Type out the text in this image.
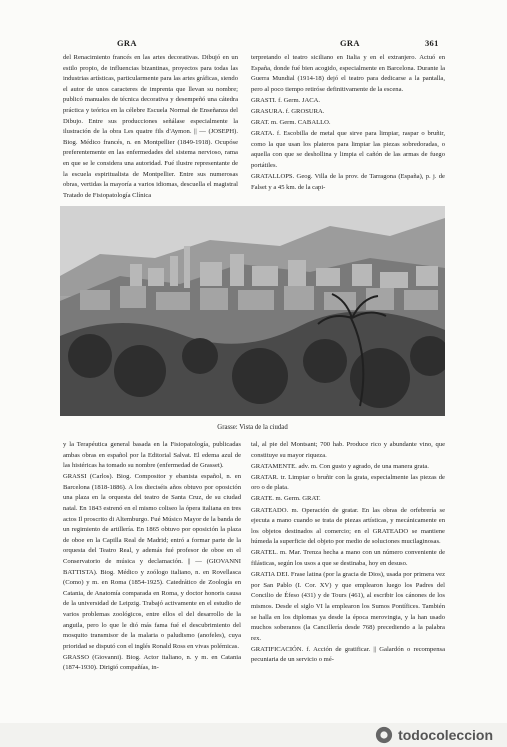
GRA	GRA	361

del Renacimiento francés en las artes decorativas. Dibujó en un estilo propio, de influencias bizantinas, proyectos para todas las industrias artísticas, particularmente para las artes gráficas, siendo el autor de unos caracteres de imprenta que llevan su nombre; publicó manuales de técnica decorativa y desempeñó una cátedra práctica y teórica en la célebre Escuela Normal de Enseñanza del Dibujo. Entre sus producciones señálase especialmente la ilustración de la obra Les quatre fils d'Aymon. || — (JOSEPH). Biog. Médico francés, n. en Montpellier (1849-1918). Ocupóse preferentemente en las enfermedades del sistema nervioso, rama en que se le considera una autoridad. Fué ilustre representante de la escuela espiritualista de Montpellier. Entre sus numerosas obras, vertidas la mayoría a varios idiomas, descuella el magistral Tratado de Fisiopatología Clínica

terpretando el teatro siciliano en Italia y en el extranjero. Actuó en España, donde fué bien acogido, especialmente en Barcelona. Durante la Guerra Mundial (1914-18) dejó el teatro para dedicarse a la pantalla, pero al poco tiempo retiróse definitivamente de la escena.

GRASTI. f. Germ. JACA.

GRASURA. f. GROSURA.

GRAT. m. Germ. CABALLO.

GRATA. f. Escobilla de metal que sirve para limpiar, raspar o bruñir, como la que usan los plateros para limpiar las piezas sobredoradas, o aquella con que se deshollina y limpia el cañón de las armas de fuego portátiles.

GRATALLOPS. Geog. Villa de la prov. de Tarragona (España), p. j. de Falset y a 45 km. de la capi-

Grasse: Vista de la ciudad

y la Terapéutica general basada en la Fisiopatología, publicadas ambas obras en español por la Editorial Salvat. El edema azul de las histéricas ha tomado su nombre (enfermedad de Grasset).

GRASSI (Carlos). Biog. Compositor y ebanista español, n. en Barcelona (1818-1886). A los dieciséis años obtuvo por oposición una plaza en la orquesta del teatro de Santa Cruz, de su ciudad natal. En 1843 estrenó en el mismo coliseo la ópera italiana en tres actos Il proscrito di Altemburgo. Fué Músico Mayor de la banda de un regimiento de artillería. En 1865 obtuvo por oposición la plaza de oboe en la Capilla Real de Madrid; entró a formar parte de la orquesta del Teatro Real, y además fué profesor de oboe en el Conservatorio de música y declamación. || — (GIOVANNI BATTISTA). Biog. Médico y zoólogo italiano, n. en Rovellasca (Como) y m. en Roma (1854-1925). Catedrático de Zoología en Catania, de Anatomía comparada en Roma, y doctor honoris causa de la universidad de Leipzig. Trabajó activamente en el estudio de varios problemas zoológicos, entre ellos el del desarrollo de la anguila, pero lo que le dió más fama fué el descubrimiento del mosquito transmisor de la malaria o paludismo (anofeles), cuya prioridad se disputó con el inglés Ronald Ross en vivas polémicas.

GRASSO (Giovanni). Biog. Actor italiano, n. y m. en Catania (1874-1930). Dirigió compañías, in-

tal, al pie del Montsant; 700 hab. Produce rico y abundante vino, que constituye su mayor riqueza.

GRATAMENTE. adv. m. Con gusto y agrado, de una manera grata.

GRATAR. tr. Limpiar o bruñir con la grata, especialmente las piezas de oro o de plata.

GRATE. m. Germ. GRAT.

GRATEADO. m. Operación de gratar. En las obras de orfebrería se ejecuta a mano cuando se trata de piezas artísticas, y mecánicamente en los objetos destinados al comercio; en el GRATEADO se mantiene húmeda la superficie del objeto por medio de soluciones mucilaginosas.

GRATEL. m. Mar. Trenza hecha a mano con un número conveniente de filásticas, según los usos a que se destinaba, hoy en desuso.

GRATIA DEI. Frase latina (por la gracia de Dios), usada por primera vez por San Pablo (I. Cor. XV) y que emplearon luego los Padres del Concilio de Éfeso (431) y de Tours (461), al escribir los cánones de los mismos. Desde el siglo VI la emplearon los Sumos Pontífices. También se halla en los diplomas ya desde la época merovingia, y la han usado muchos soberanos (la Cancillería desde 768) precediendo a la palabra rex.

GRATIFICACIÓN. f. Acción de gratificar. || Galardón o recompensa pecuniaria de un servicio o mé-

todocoleccion
